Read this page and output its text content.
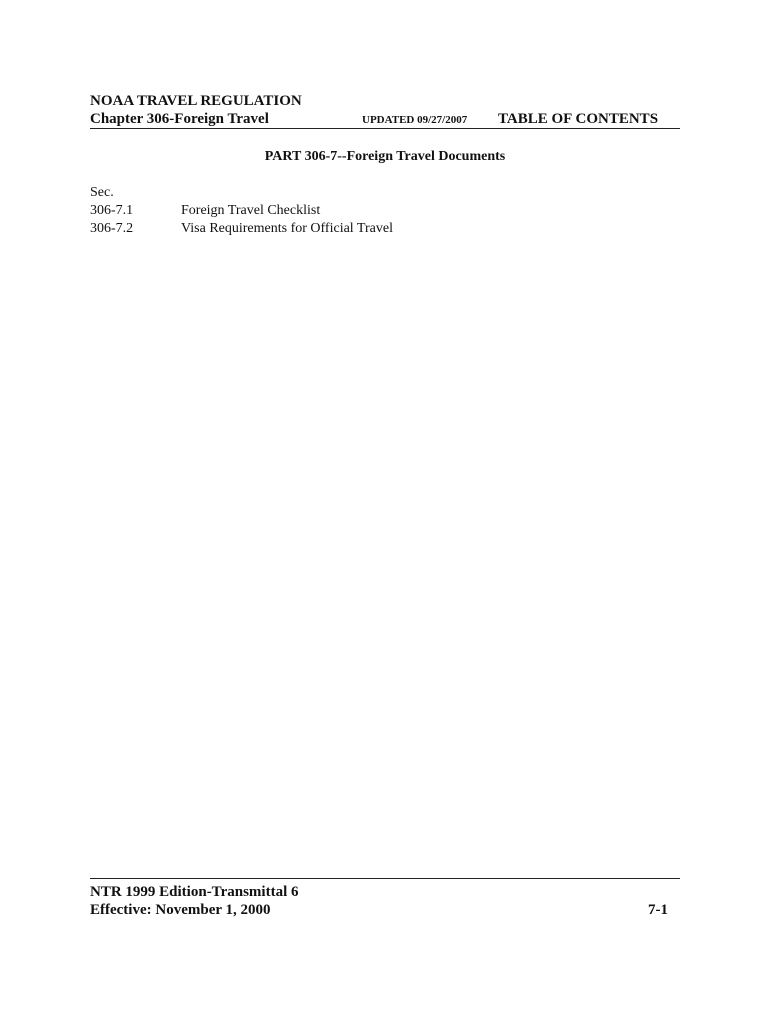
NOAA TRAVEL REGULATION
Chapter 306-Foreign Travel	UPDATED 09/27/2007 TABLE OF CONTENTS
PART 306-7--Foreign Travel Documents
Sec.
306-7.1	Foreign Travel Checklist
306-7.2	Visa Requirements for Official Travel
NTR 1999 Edition-Transmittal 6
Effective: November 1, 2000	7-1
